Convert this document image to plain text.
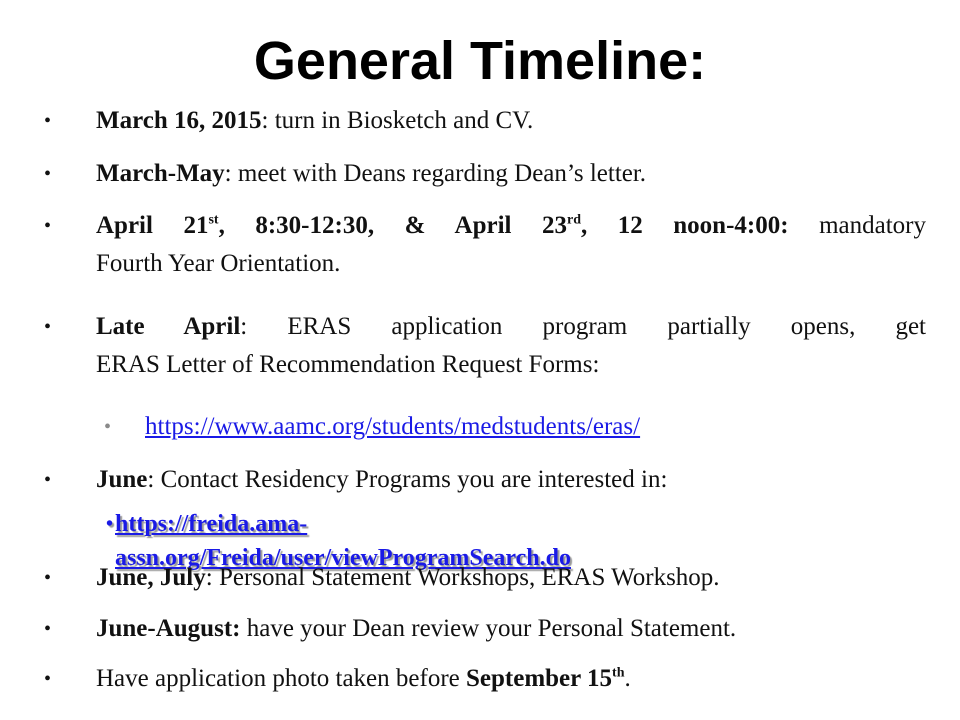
General Timeline:
• March 16, 2015: turn in Biosketch and CV.
• March-May: meet with Deans regarding Dean’s letter.
• April 21st, 8:30-12:30, & April 23rd, 12 noon-4:00: mandatory
Fourth Year Orientation.
• Late April: ERAS application program partially opens, get
ERAS Letter of Recommendation Request Forms:
• https://www.aamc.org/students/medstudents/eras/
• June: Contact Residency Programs you are interested in:
• https://freida.ama-assn.org/Freida/user/viewProgramSearch.do
• June, July: Personal Statement Workshops, ERAS Workshop.
• June-August: have your Dean review your Personal Statement.
• Have application photo taken before September 15th.
